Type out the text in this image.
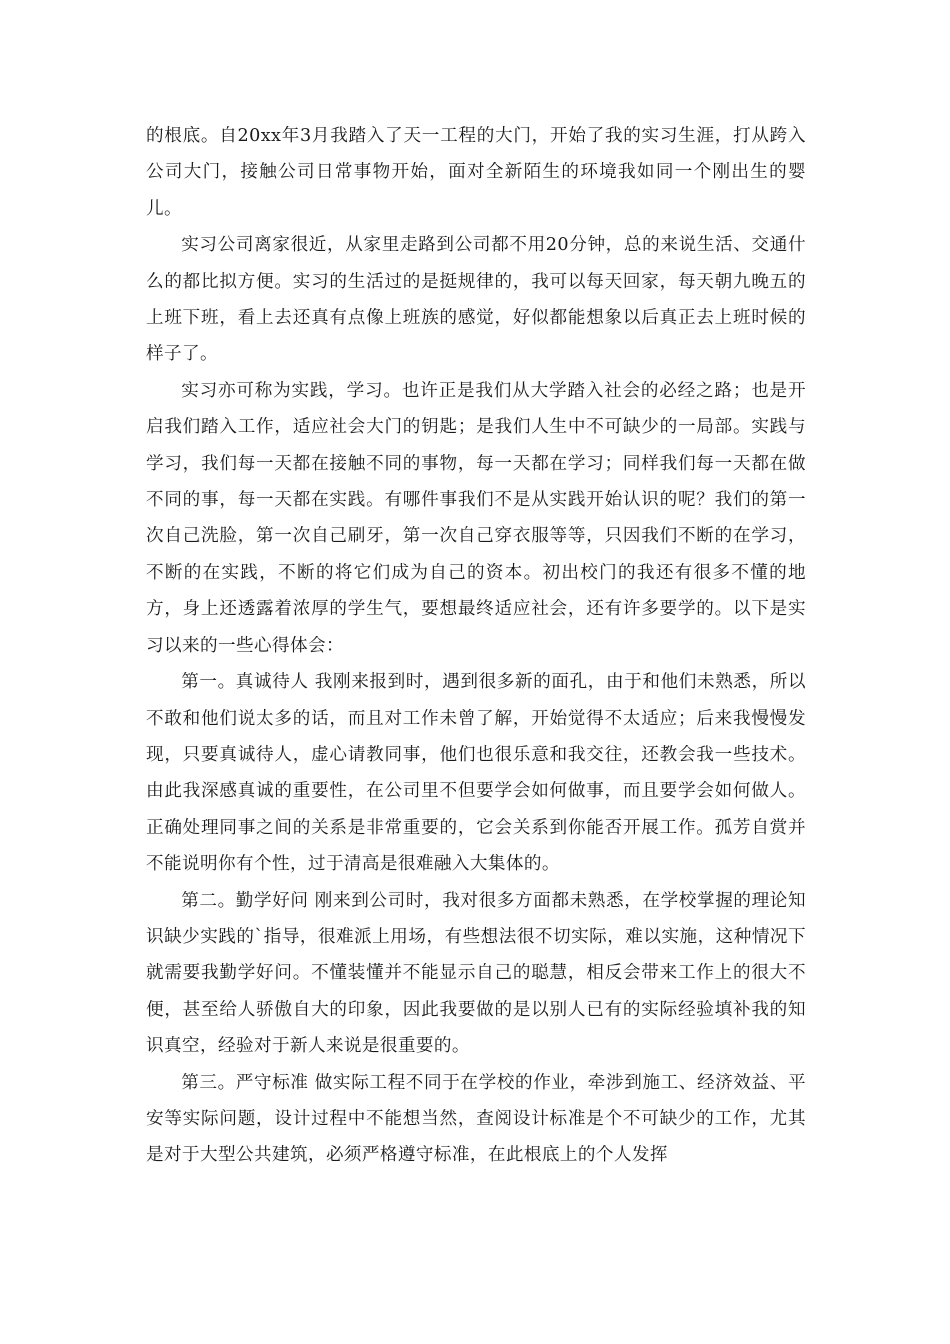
的根底。自20xx年3月我踏入了天一工程的大门，开始了我的实习生涯，打从跨入公司大门，接触公司日常事物开始，面对全新陌生的环境我如同一个刚出生的婴儿。

实习公司离家很近，从家里走路到公司都不用20分钟，总的来说生活、交通什么的都比拟方便。实习的生活过的是挺规律的，我可以每天回家，每天朝九晚五的上班下班，看上去还真有点像上班族的感觉，好似都能想象以后真正去上班时候的样子了。

实习亦可称为实践，学习。也许正是我们从大学踏入社会的必经之路；也是开启我们踏入工作，适应社会大门的钥匙；是我们人生中不可缺少的一局部。实践与学习，我们每一天都在接触不同的事物，每一天都在学习；同样我们每一天都在做不同的事，每一天都在实践。有哪件事我们不是从实践开始认识的呢？我们的第一次自己洗脸，第一次自己刷牙，第一次自己穿衣服等等，只因我们不断的在学习，不断的在实践，不断的将它们成为自己的资本。初出校门的我还有很多不懂的地方，身上还透露着浓厚的学生气，要想最终适应社会，还有许多要学的。以下是实习以来的一些心得体会：

第一。真诚待人 我刚来报到时，遇到很多新的面孔，由于和他们未熟悉，所以不敢和他们说太多的话，而且对工作未曾了解，开始觉得不太适应；后来我慢慢发现，只要真诚待人，虚心请教同事，他们也很乐意和我交往，还教会我一些技术。由此我深感真诚的重要性，在公司里不但要学会如何做事，而且要学会如何做人。正确处理同事之间的关系是非常重要的，它会关系到你能否开展工作。孤芳自赏并不能说明你有个性，过于清高是很难融入大集体的。

第二。勤学好问 刚来到公司时，我对很多方面都未熟悉，在学校掌握的理论知识缺少实践的`指导，很难派上用场，有些想法很不切实际，难以实施，这种情况下就需要我勤学好问。不懂装懂并不能显示自己的聪慧，相反会带来工作上的很大不便，甚至给人骄傲自大的印象，因此我要做的是以别人已有的实际经验填补我的知识真空，经验对于新人来说是很重要的。

第三。严守标准 做实际工程不同于在学校的作业，牵涉到施工、经济效益、平安等实际问题，设计过程中不能想当然，查阅设计标准是个不可缺少的工作，尤其是对于大型公共建筑，必须严格遵守标准，在此根底上的个人发挥
